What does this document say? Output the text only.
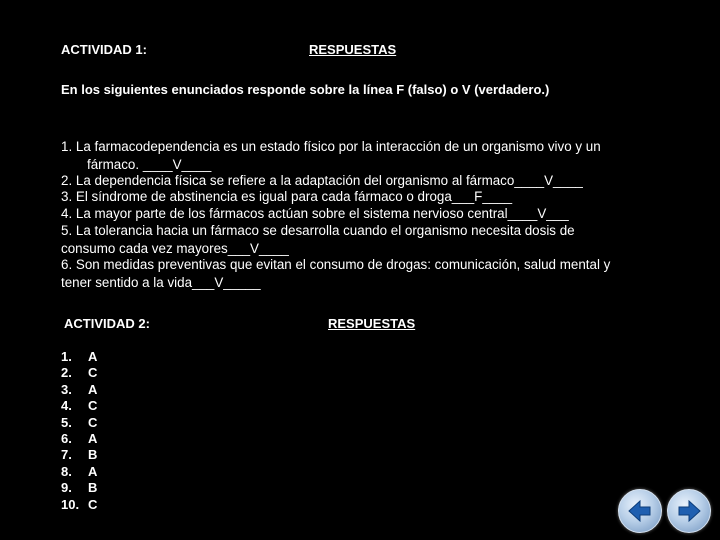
ACTIVIDAD 1:	RESPUESTAS
En los siguientes enunciados responde sobre la línea F (falso) o V (verdadero.)
1. La farmacodependencia es un estado físico por la interacción de un organismo vivo y un
fármaco. ____V____
2. La dependencia física se refiere a la adaptación del organismo al fármaco____V____
3. El síndrome de abstinencia es igual para cada fármaco o droga___F____
4. La mayor parte de los fármacos actúan sobre el sistema nervioso central____V___
5. La tolerancia hacia un fármaco se desarrolla cuando el organismo necesita dosis de
consumo cada vez mayores___V____
6. Son medidas preventivas que evitan el consumo de drogas: comunicación, salud mental y
tener sentido a la vida___V_____
ACTIVIDAD 2:	RESPUESTAS
1.	A
2.	C
3.	A
4.	C
5.	C
6.	A
7.	B
8.	A
9.	B
10. C
